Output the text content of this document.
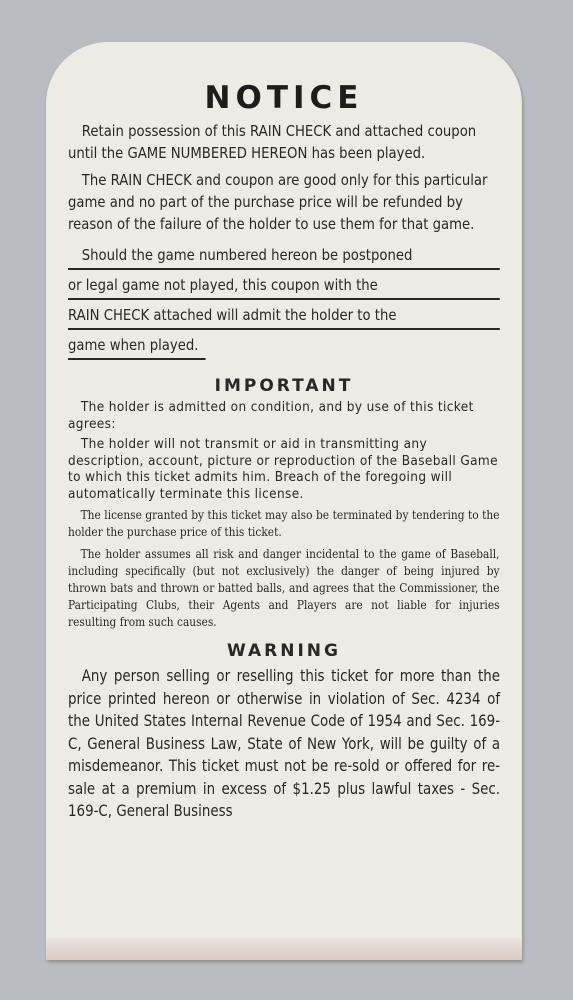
NOTICE

Retain possession of this RAIN CHECK and attached coupon until the GAME NUMBERED HEREON has been played.

The RAIN CHECK and coupon are good only for this particular game and no part of the purchase price will be refunded by reason of the failure of the holder to use them for that game.

Should the game numbered hereon be postponed
or legal game not played, this coupon with the
RAIN CHECK attached will admit the holder to the
game when played.
IMPORTANT

The holder is admitted on condition, and by use of this ticket agrees:

The holder will not transmit or aid in transmitting any description, account, picture or reproduction of the Baseball Game to which this ticket admits him. Breach of the foregoing will automatically terminate this license.

The license granted by this ticket may also be terminated by tendering to the holder the purchase price of this ticket.

The holder assumes all risk and danger incidental to the game of Baseball, including specifically (but not exclusively) the danger of being injured by thrown bats and thrown or batted balls, and agrees that the Commissioner, the Participating Clubs, their Agents and Players are not liable for injuries resulting from such causes.

WARNING

Any person selling or reselling this ticket for more than the price printed hereon or otherwise in violation of Sec. 4234 of the United States Internal Revenue Code of 1954 and Sec. 169-C, General Business Law, State of New York, will be guilty of a misdemeanor. This ticket must not be re-sold or offered for re-sale at a premium in excess of $1.25 plus lawful taxes - Sec. 169-C, General Business
